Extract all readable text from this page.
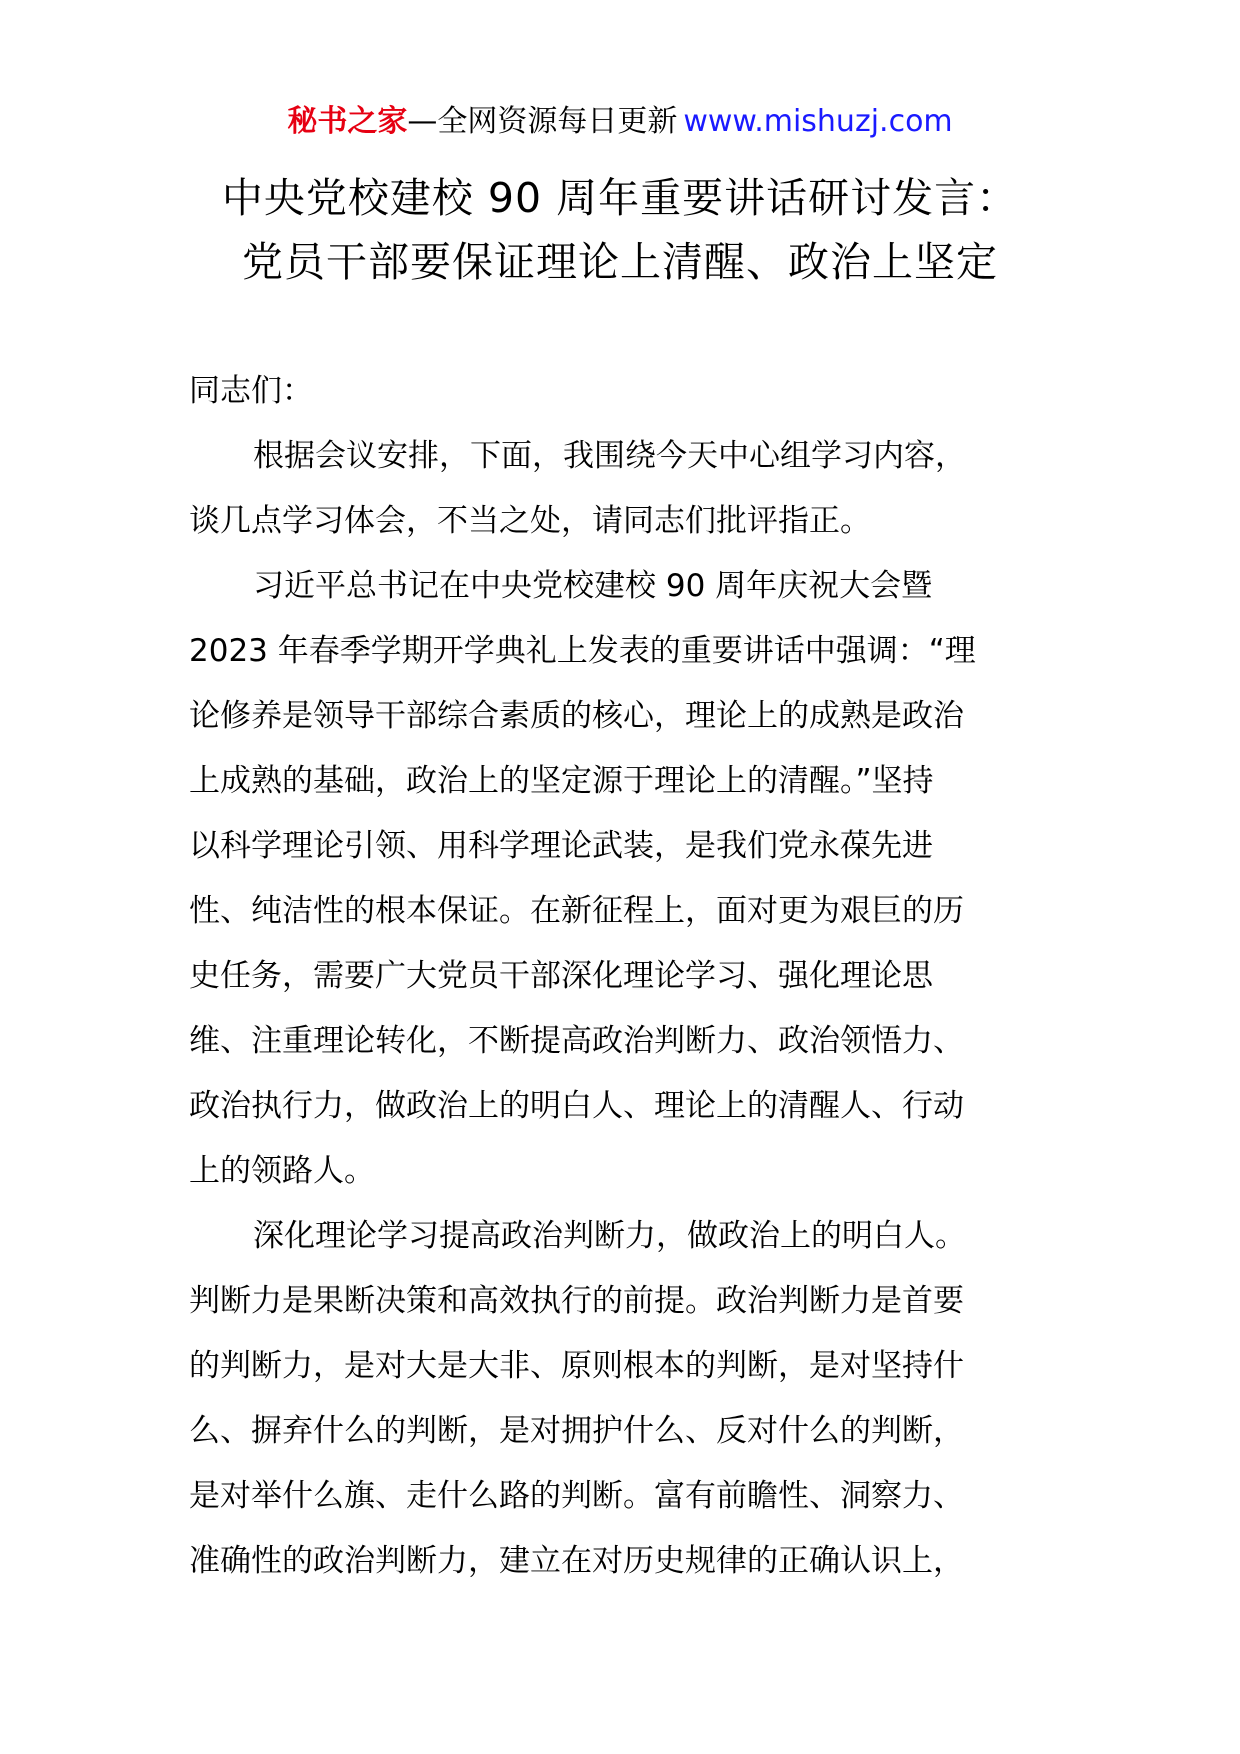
秘书之家—全网资源每日更新 www.mishuzj.com
中央党校建校 90 周年重要讲话研讨发言：
党员干部要保证理论上清醒、政治上坚定
同志们：
根据会议安排，下面，我围绕今天中心组学习内容，
谈几点学习体会，不当之处，请同志们批评指正。
习近平总书记在中央党校建校 90 周年庆祝大会暨
2023 年春季学期开学典礼上发表的重要讲话中强调：“理
论修养是领导干部综合素质的核心，理论上的成熟是政治
上成熟的基础，政治上的坚定源于理论上的清醒。”坚持
以科学理论引领、用科学理论武装，是我们党永葆先进
性、纯洁性的根本保证。在新征程上，面对更为艰巨的历
史任务，需要广大党员干部深化理论学习、强化理论思
维、注重理论转化，不断提高政治判断力、政治领悟力、
政治执行力，做政治上的明白人、理论上的清醒人、行动
上的领路人。
深化理论学习提高政治判断力，做政治上的明白人。
判断力是果断决策和高效执行的前提。政治判断力是首要
的判断力，是对大是大非、原则根本的判断，是对坚持什
么、摒弃什么的判断，是对拥护什么、反对什么的判断，
是对举什么旗、走什么路的判断。富有前瞻性、洞察力、
准确性的政治判断力，建立在对历史规律的正确认识上，
